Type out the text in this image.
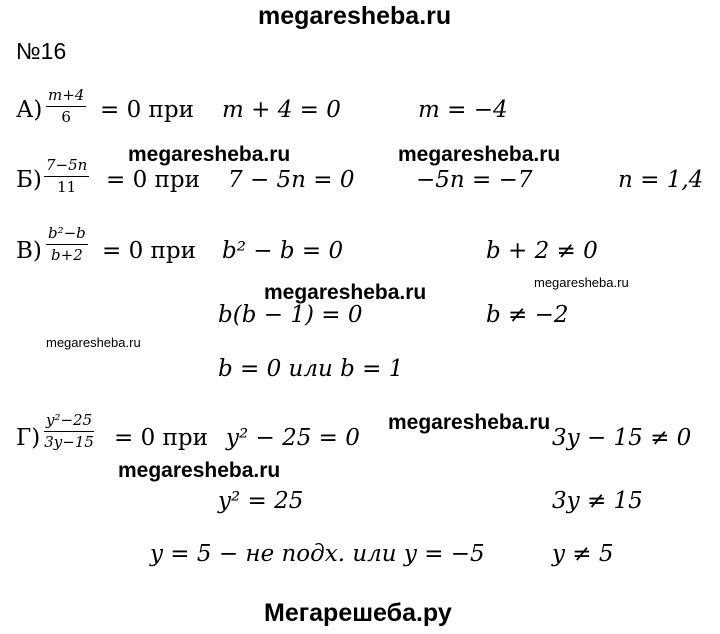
megaresheba.ru
№16
$А) \frac{m+4}{6} = 0$ при m + 4 = 0	m = −4
megaresheba.ru	megaresheba.ru
$Б) \frac{7-5n}{11} = 0$ при 7 − 5n = 0	−5n = −7	n = 1,4
$В) \frac{\text{b²−b}}{b+2} = 0$ при b² − b = 0	b + 2 ≠ 0
megaresheba.ru
megaresheba.ru
b(b − 1) = 0	b ≠ −2
megaresheba.ru
b = 0 или b = 1
megaresheba.ru
$Г) \frac{\text{y²−25}}{3y-15} = 0$ при y² − 25 = 0	3y − 15 ≠ 0
megaresheba.ru
y² = 25	3y ≠ 15
y = 5 − не подх. или y = −5	y ≠ 5
Мегарешеба.ру
